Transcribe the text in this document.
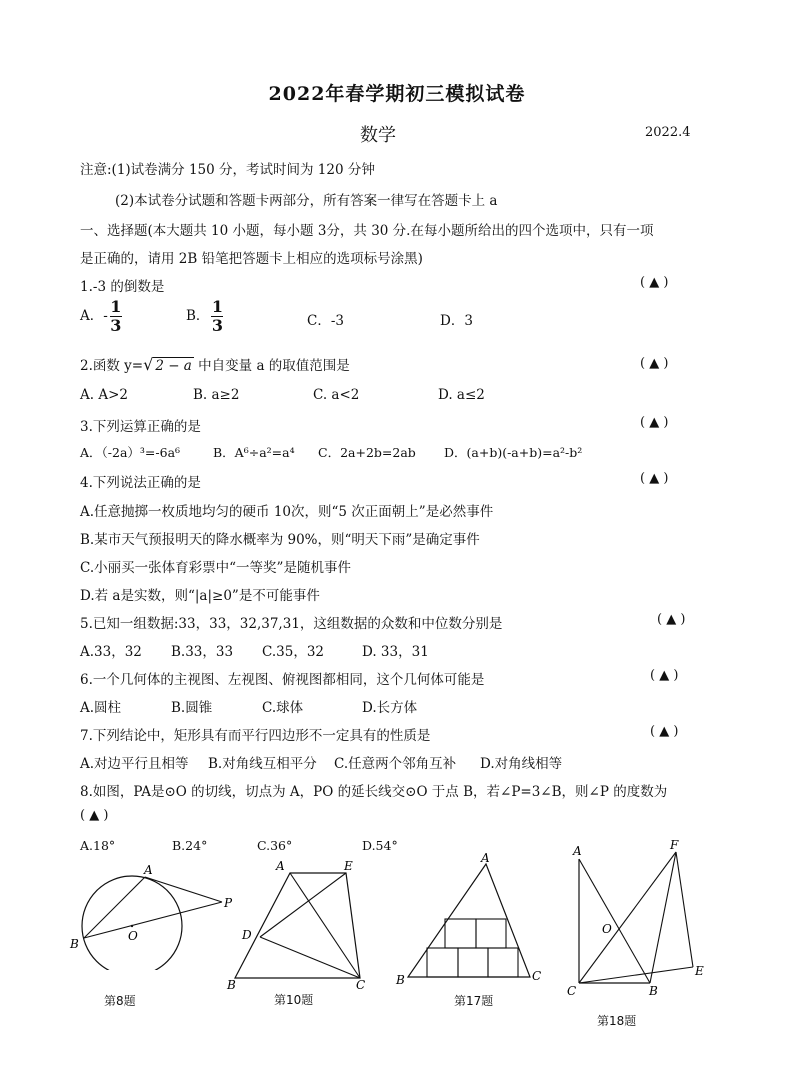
2022年春学期初三模拟试卷
数学	2022.4
注意:(1)试卷满分 150 分，考试时间为 120 分钟
(2)本试卷分试题和答题卡两部分，所有答案一律写在答题卡上 a
一、选择题(本大题共 10 小题，每小题 3分，共 30 分.在每小题所给出的四个选项中，只有一项
是正确的，请用 2B 铅笔把答题卡上相应的选项标号涂黑)
1.-3 的倒数是	( ▲ )
A．- $\frac{1}{3}$	B． $\frac{1}{3}$	C．-3	D．3
2.函数 y=√ 2 − a 中自变量 a 的取值范围是	( ▲ )
A. A>2	B. a≥2	C. a<2	D. a≤2
3.下列运算正确的是	( ▲ )
A．（-2a）³=-6a⁶	B．A⁶÷a²=a⁴ C．2a+2b=2ab D．(a+b)(-a+b)=a²-b²
4.下列说法正确的是	( ▲ )
A.任意抛掷一枚质地均匀的硬币 10次，则“5 次正面朝上”是必然事件
B.某市天气预报明天的降水概率为 90%，则“明天下雨”是确定事件
C.小丽买一张体育彩票中“一等奖”是随机事件
D.若 a是实数，则“|a|≥0”是不可能事件
5.已知一组数据:33，33，32,37,31，这组数据的众数和中位数分别是	( ▲ )
A.33，32 B.33，33 C.35，32	D. 33，31
6.一个几何体的主视图、左视图、俯视图都相同，这个几何体可能是	( ▲ )
A.圆柱	B.圆锥	C.球体	D.长方体
7.下列结论中，矩形具有而平行四边形不一定具有的性质是	( ▲ )
A.对边平行且相等 B.对角线互相平分 C.任意两个邻角互补 D.对角线相等
8.如图，PA是⊙O 的切线，切点为 A，PO 的延长线交⊙O 于点 B，若∠P=3∠B，则∠P 的度数为
( ▲ )
A.18°	B.24°	C.36°	D.54°
A
P
B
O
第8题
A	E
D
B	C
第10题
A
B	C
第17题
A	F
O
E
C	B
第18题
